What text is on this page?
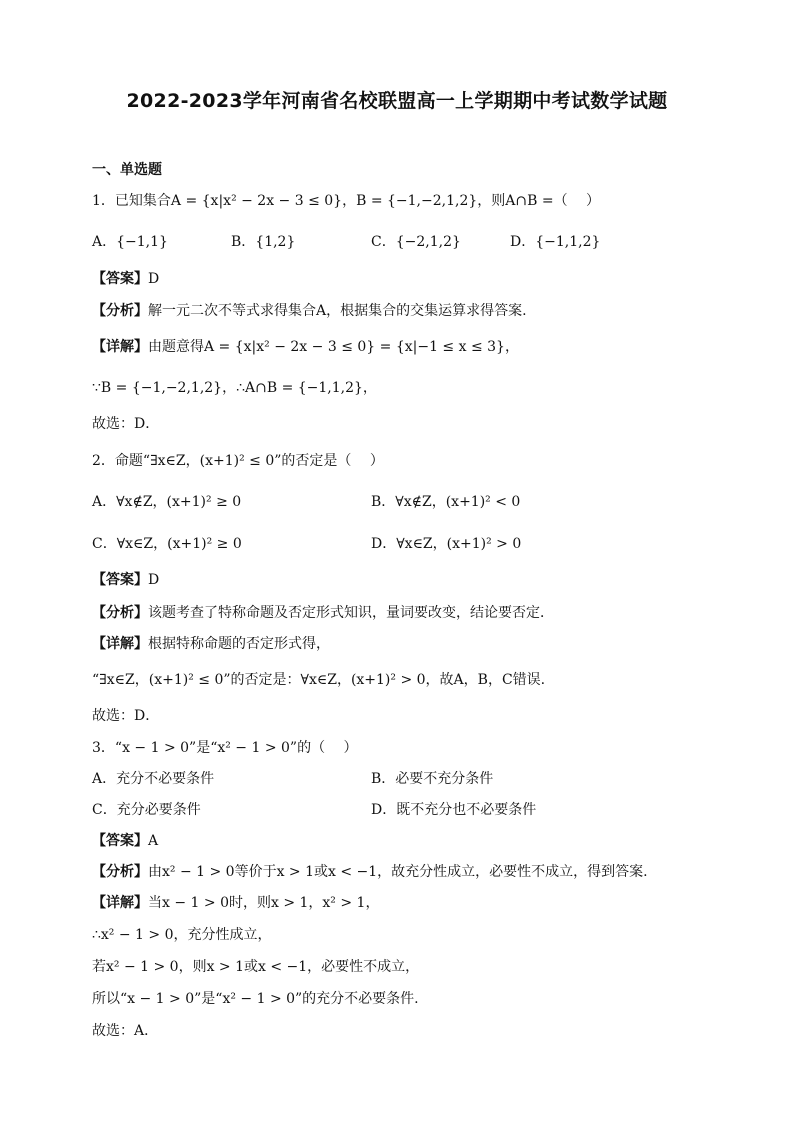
2022-2023学年河南省名校联盟高一上学期期中考试数学试题
一、单选题
1．已知集合A = {x|x² − 2x − 3 ≤ 0}，B = {−1,−2,1,2}，则A∩B =（　 ）
A．{−1,1}	B．{1,2}	C．{−2,1,2}	D．{−1,1,2}
【答案】D
【分析】解一元二次不等式求得集合A，根据集合的交集运算求得答案.
【详解】由题意得A = {x|x² − 2x − 3 ≤ 0} = {x|−1 ≤ x ≤ 3}，
∵B = {−1,−2,1,2}，∴A∩B = {−1,1,2}，
故选：D．
2．命题“∃x∈Z，(x+1)² ≤ 0”的否定是（　 ）
A．∀x∉Z，(x+1)² ≥ 0	B．∀x∉Z，(x+1)² < 0
C．∀x∈Z，(x+1)² ≥ 0	D．∀x∈Z，(x+1)² > 0
【答案】D
【分析】该题考查了特称命题及否定形式知识，量词要改变，结论要否定．
【详解】根据特称命题的否定形式得，
“∃x∈Z，(x+1)² ≤ 0”的否定是：∀x∈Z，(x+1)² > 0，故A，B，C错误.
故选：D．
3．“x − 1 > 0”是“x² − 1 > 0”的（　 ）
A．充分不必要条件	B．必要不充分条件
C．充分必要条件	D．既不充分也不必要条件
【答案】A
【分析】由x² − 1 > 0等价于x > 1或x < −1，故充分性成立，必要性不成立，得到答案.
【详解】当x − 1 > 0时，则x > 1，x² > 1，
∴x² − 1 > 0，充分性成立，
若x² − 1 > 0，则x > 1或x < −1，必要性不成立，
所以“x − 1 > 0”是“x² − 1 > 0”的充分不必要条件.
故选：A．
